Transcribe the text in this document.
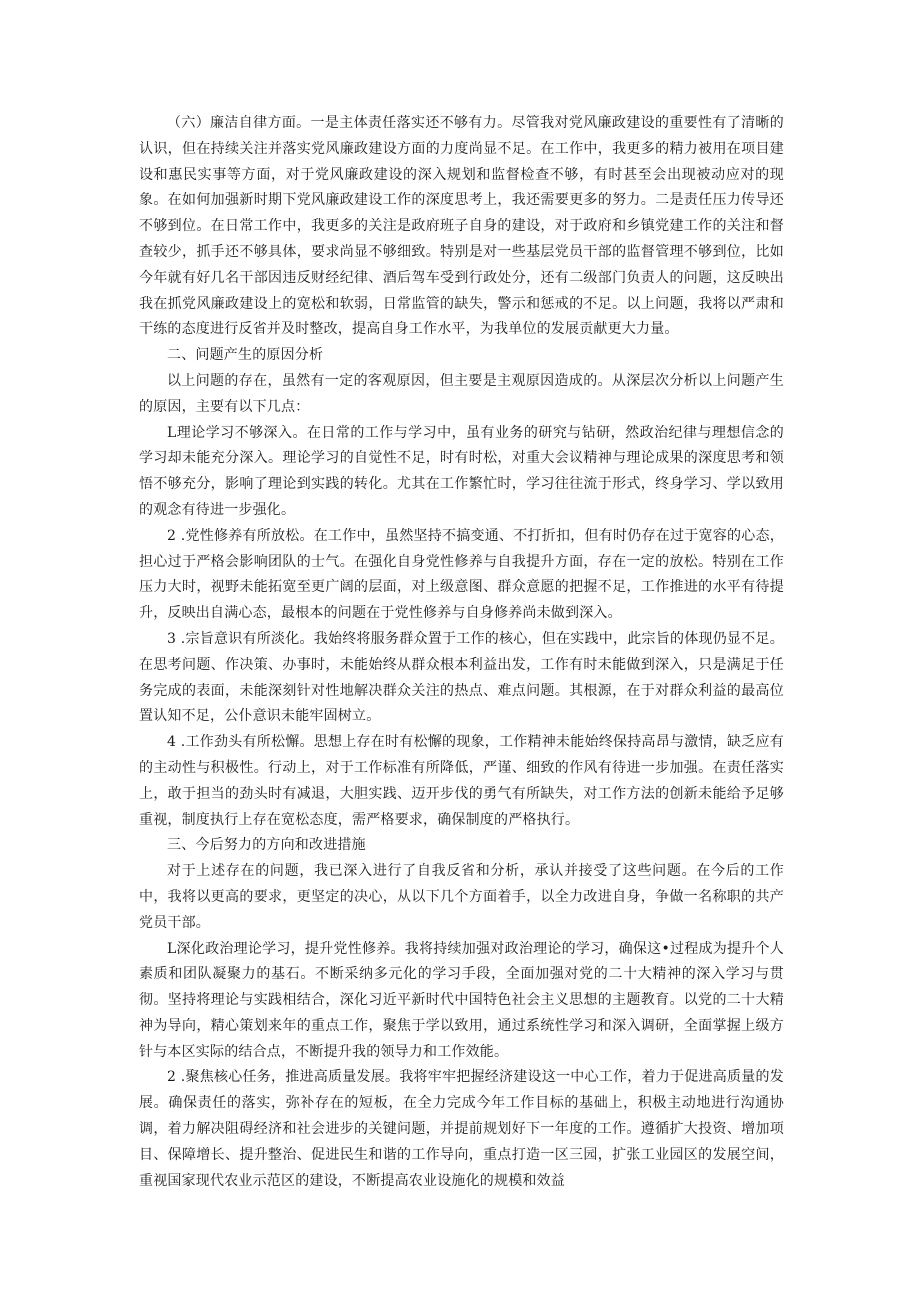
（六）廉洁自律方面。一是主体责任落实还不够有力。尽管我对党风廉政建设的重要性有了清晰的认识，但在持续关注并落实党风廉政建设方面的力度尚显不足。在工作中，我更多的精力被用在项目建设和惠民实事等方面，对于党风廉政建设的深入规划和监督检查不够，有时甚至会出现被动应对的现象。在如何加强新时期下党风廉政建设工作的深度思考上，我还需要更多的努力。二是责任压力传导还不够到位。在日常工作中，我更多的关注是政府班子自身的建设，对于政府和乡镇党建工作的关注和督查较少，抓手还不够具体，要求尚显不够细致。特别是对一些基层党员干部的监督管理不够到位，比如今年就有好几名干部因违反财经纪律、酒后驾车受到行政处分，还有二级部门负责人的问题，这反映出我在抓党风廉政建设上的宽松和软弱，日常监管的缺失，警示和惩戒的不足。以上问题，我将以严肃和干练的态度进行反省并及时整改，提高自身工作水平，为我单位的发展贡献更大力量。

二、问题产生的原因分析

以上问题的存在，虽然有一定的客观原因，但主要是主观原因造成的。从深层次分析以上问题产生的原因，主要有以下几点：

L理论学习不够深入。在日常的工作与学习中，虽有业务的研究与钻研，然政治纪律与理想信念的学习却未能充分深入。理论学习的自觉性不足，时有时松，对重大会议精神与理论成果的深度思考和领悟不够充分，影响了理论到实践的转化。尤其在工作繁忙时，学习往往流于形式，终身学习、学以致用的观念有待进一步强化。

2 .党性修养有所放松。在工作中，虽然坚持不搞变通、不打折扣，但有时仍存在过于宽容的心态，担心过于严格会影响团队的士气。在强化自身党性修养与自我提升方面，存在一定的放松。特别在工作压力大时，视野未能拓宽至更广阔的层面，对上级意图、群众意愿的把握不足，工作推进的水平有待提升，反映出自满心态，最根本的问题在于党性修养与自身修养尚未做到深入。

3 .宗旨意识有所淡化。我始终将服务群众置于工作的核心，但在实践中，此宗旨的体现仍显不足。在思考问题、作决策、办事时，未能始终从群众根本利益出发，工作有时未能做到深入，只是满足于任务完成的表面，未能深刻针对性地解决群众关注的热点、难点问题。其根源，在于对群众利益的最高位置认知不足，公仆意识未能牢固树立。

4 .工作劲头有所松懈。思想上存在时有松懈的现象，工作精神未能始终保持高昂与激情，缺乏应有的主动性与积极性。行动上，对于工作标准有所降低，严谨、细致的作风有待进一步加强。在责任落实上，敢于担当的劲头时有减退，大胆实践、迈开步伐的勇气有所缺失，对工作方法的创新未能给予足够重视，制度执行上存在宽松态度，需严格要求，确保制度的严格执行。

三、今后努力的方向和改进措施

对于上述存在的问题，我已深入进行了自我反省和分析，承认并接受了这些问题。在今后的工作中，我将以更高的要求，更坚定的决心，从以下几个方面着手，以全力改进自身，争做一名称职的共产党员干部。

L深化政治理论学习，提升党性修养。我将持续加强对政治理论的学习，确保这•过程成为提升个人素质和团队凝聚力的基石。不断采纳多元化的学习手段，全面加强对党的二十大精神的深入学习与贯彻。坚持将理论与实践相结合，深化习近平新时代中国特色社会主义思想的主题教育。以党的二十大精神为导向，精心策划来年的重点工作，聚焦于学以致用，通过系统性学习和深入调研，全面掌握上级方针与本区实际的结合点，不断提升我的领导力和工作效能。

2 .聚焦核心任务，推进高质量发展。我将牢牢把握经济建设这一中心工作，着力于促进高质量的发展。确保责任的落实，弥补存在的短板，在全力完成今年工作目标的基础上，积极主动地进行沟通协调，着力解决阻碍经济和社会进步的关键问题，并提前规划好下一年度的工作。遵循扩大投资、增加项目、保障增长、提升整治、促进民生和谐的工作导向，重点打造一区三园，扩张工业园区的发展空间，重视国家现代农业示范区的建设，不断提高农业设施化的规模和效益
